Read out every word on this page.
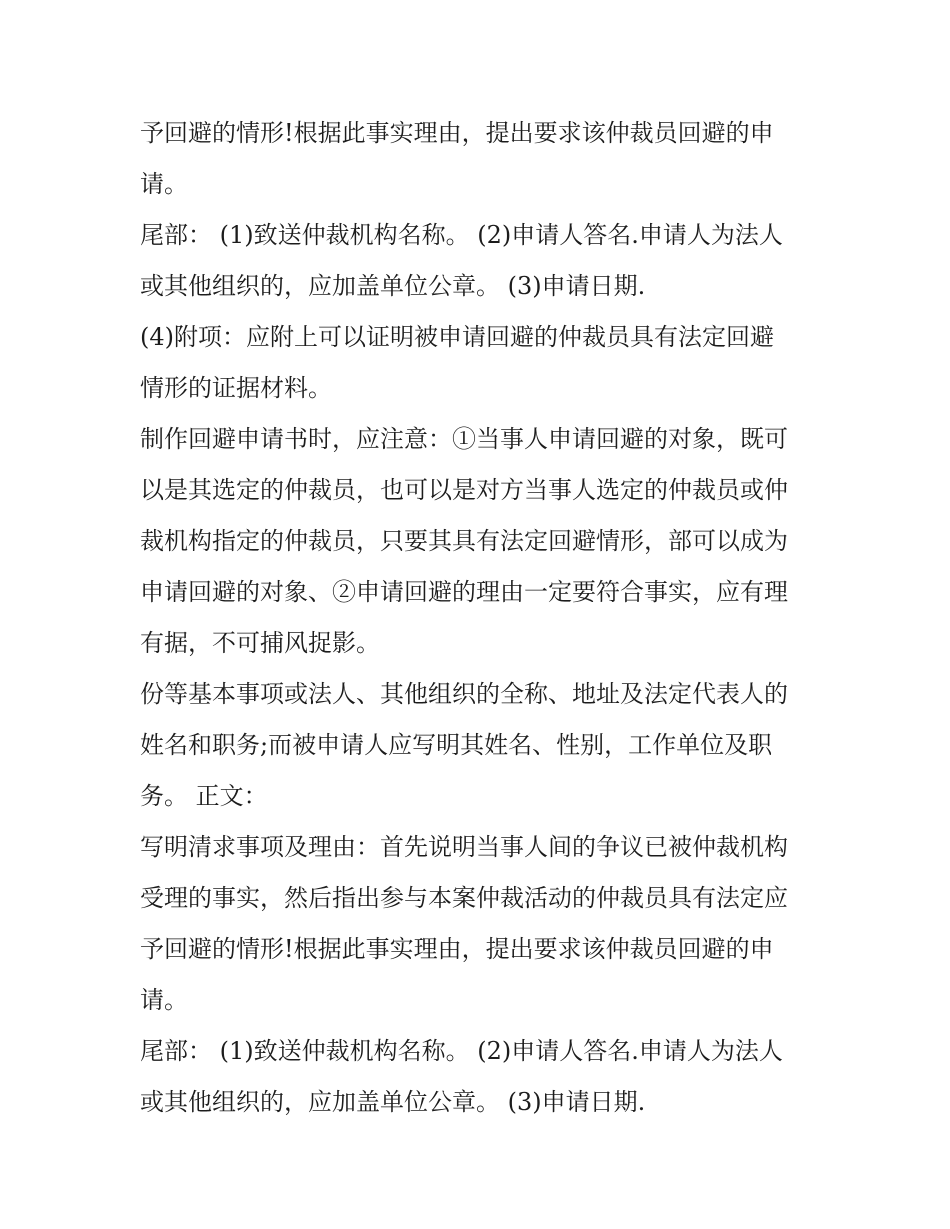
予回避的情形!根据此事实理由，提出要求该仲裁员回避的申
请。
尾部： (1)致送仲裁机构名称。 (2)申请人答名.申请人为法人
或其他组织的，应加盖单位公章。 (3)申请日期.
(4)附项：应附上可以证明被申请回避的仲裁员具有法定回避
情形的证据材料。
制作回避申请书时，应注意：①当事人申请回避的对象，既可
以是其选定的仲裁员，也可以是对方当事人选定的仲裁员或仲
裁机构指定的仲裁员，只要其具有法定回避情形，部可以成为
申请回避的对象、②申请回避的理由一定要符合事实，应有理
有据，不可捕风捉影。
份等基本事项或法人、其他组织的全称、地址及法定代表人的
姓名和职务;而被申请人应写明其姓名、性别，工作单位及职
务。 正文：
写明清求事项及理由：首先说明当事人间的争议已被仲裁机构
受理的事实，然后指出参与本案仲裁活动的仲裁员具有法定应
予回避的情形!根据此事实理由，提出要求该仲裁员回避的申
请。
尾部： (1)致送仲裁机构名称。 (2)申请人答名.申请人为法人
或其他组织的，应加盖单位公章。 (3)申请日期.
